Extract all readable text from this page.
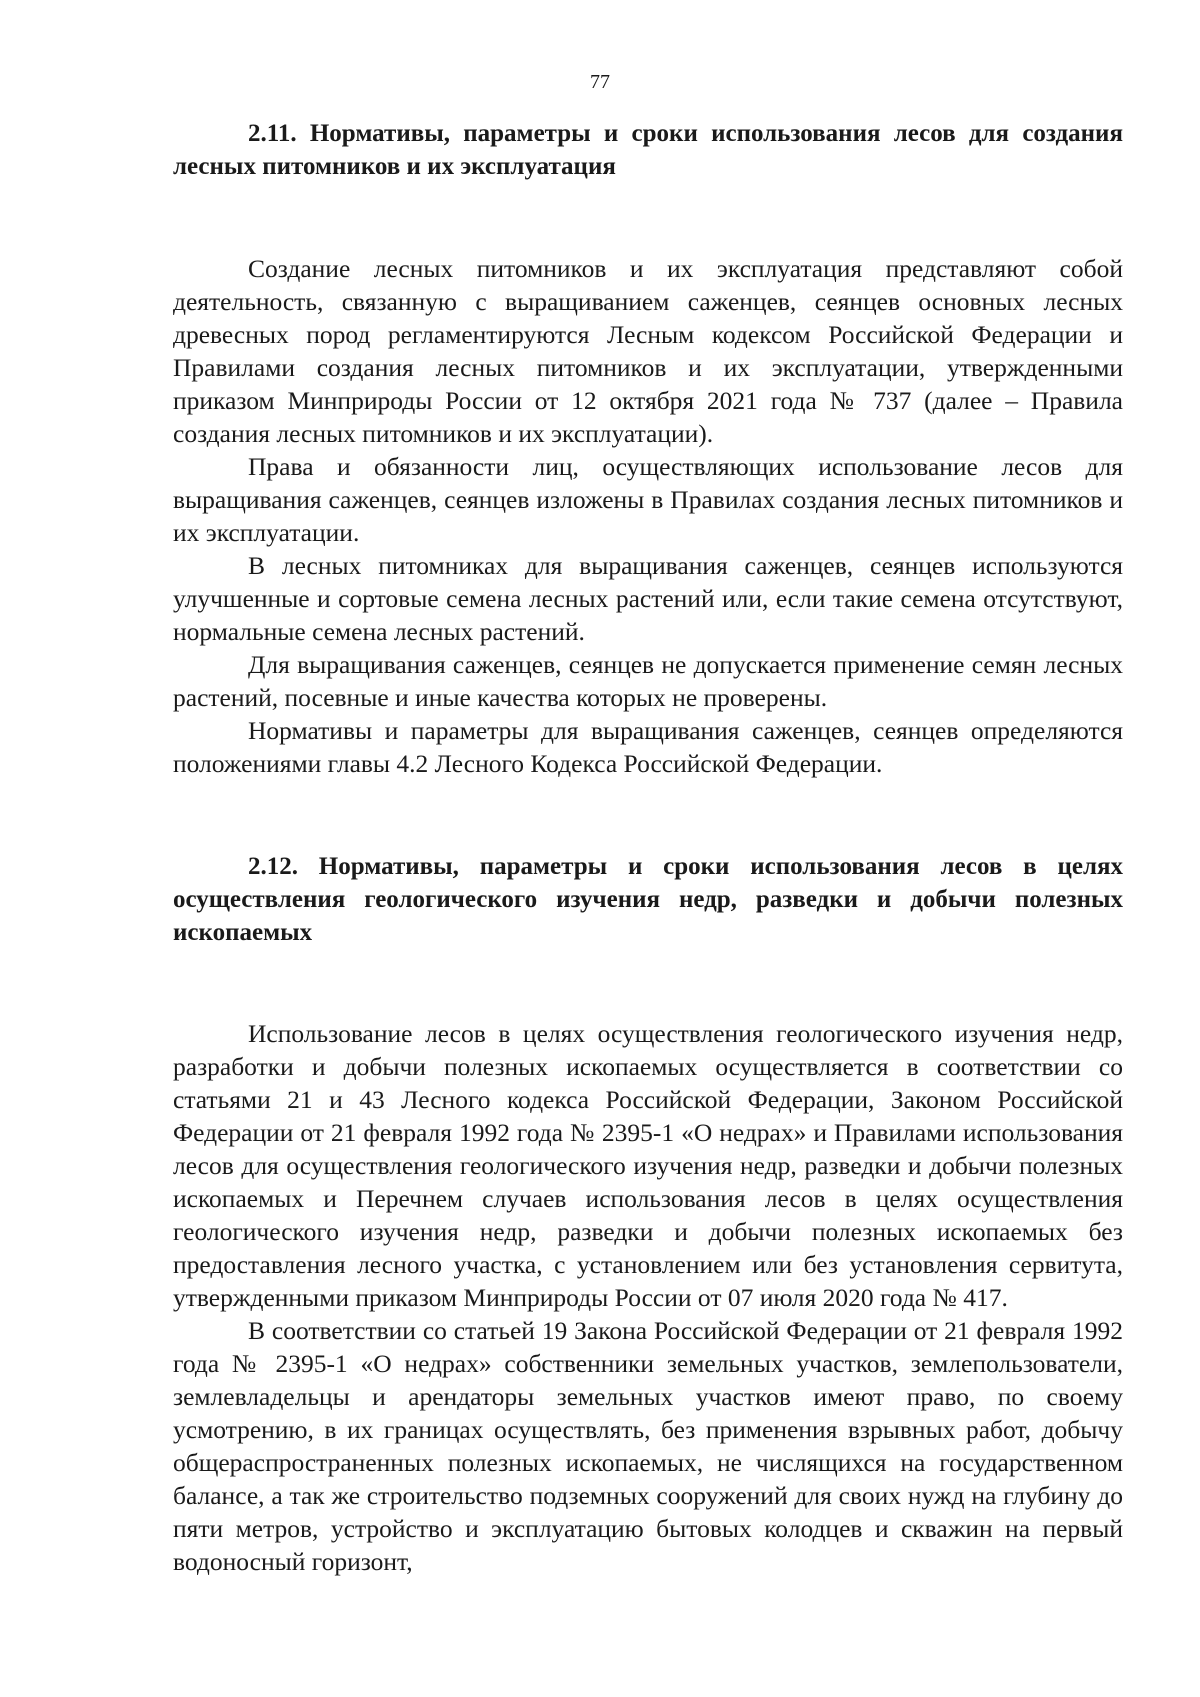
77
2.11. Нормативы, параметры и сроки использования лесов для создания лесных питомников и их эксплуатация

Создание лесных питомников и их эксплуатация представляют собой деятельность, связанную с выращиванием саженцев, сеянцев основных лесных древесных пород регламентируются Лесным кодексом Российской Федерации и Правилами создания лесных питомников и их эксплуатации, утвержденными приказом Минприроды России от 12 октября 2021 года № 737 (далее – Правила создания лесных питомников и их эксплуатации).

Права и обязанности лиц, осуществляющих использование лесов для выращивания саженцев, сеянцев изложены в Правилах создания лесных питомников и их эксплуатации.

В лесных питомниках для выращивания саженцев, сеянцев используются улучшенные и сортовые семена лесных растений или, если такие семена отсутствуют, нормальные семена лесных растений.

Для выращивания саженцев, сеянцев не допускается применение семян лесных растений, посевные и иные качества которых не проверены.

Нормативы и параметры для выращивания саженцев, сеянцев определяются положениями главы 4.2 Лесного Кодекса Российской Федерации.

2.12. Нормативы, параметры и сроки использования лесов в целях осуществления геологического изучения недр, разведки и добычи полезных ископаемых

Использование лесов в целях осуществления геологического изучения недр, разработки и добычи полезных ископаемых осуществляется в соответствии со статьями 21 и 43 Лесного кодекса Российской Федерации, Законом Российской Федерации от 21 февраля 1992 года № 2395-1 «О недрах» и Правилами использования лесов для осуществления геологического изучения недр, разведки и добычи полезных ископаемых и Перечнем случаев использования лесов в целях осуществления геологического изучения недр, разведки и добычи полезных ископаемых без предоставления лесного участка, с установлением или без установления сервитута, утвержденными приказом Минприроды России от 07 июля 2020 года № 417.

В соответствии со статьей 19 Закона Российской Федерации от 21 февраля 1992 года № 2395-1 «О недрах» собственники земельных участков, землепользователи, землевладельцы и арендаторы земельных участков имеют право, по своему усмотрению, в их границах осуществлять, без применения взрывных работ, добычу общераспространенных полезных ископаемых, не числящихся на государственном балансе, а так же строительство подземных сооружений для своих нужд на глубину до пяти метров, устройство и эксплуатацию бытовых колодцев и скважин на первый водоносный горизонт,
